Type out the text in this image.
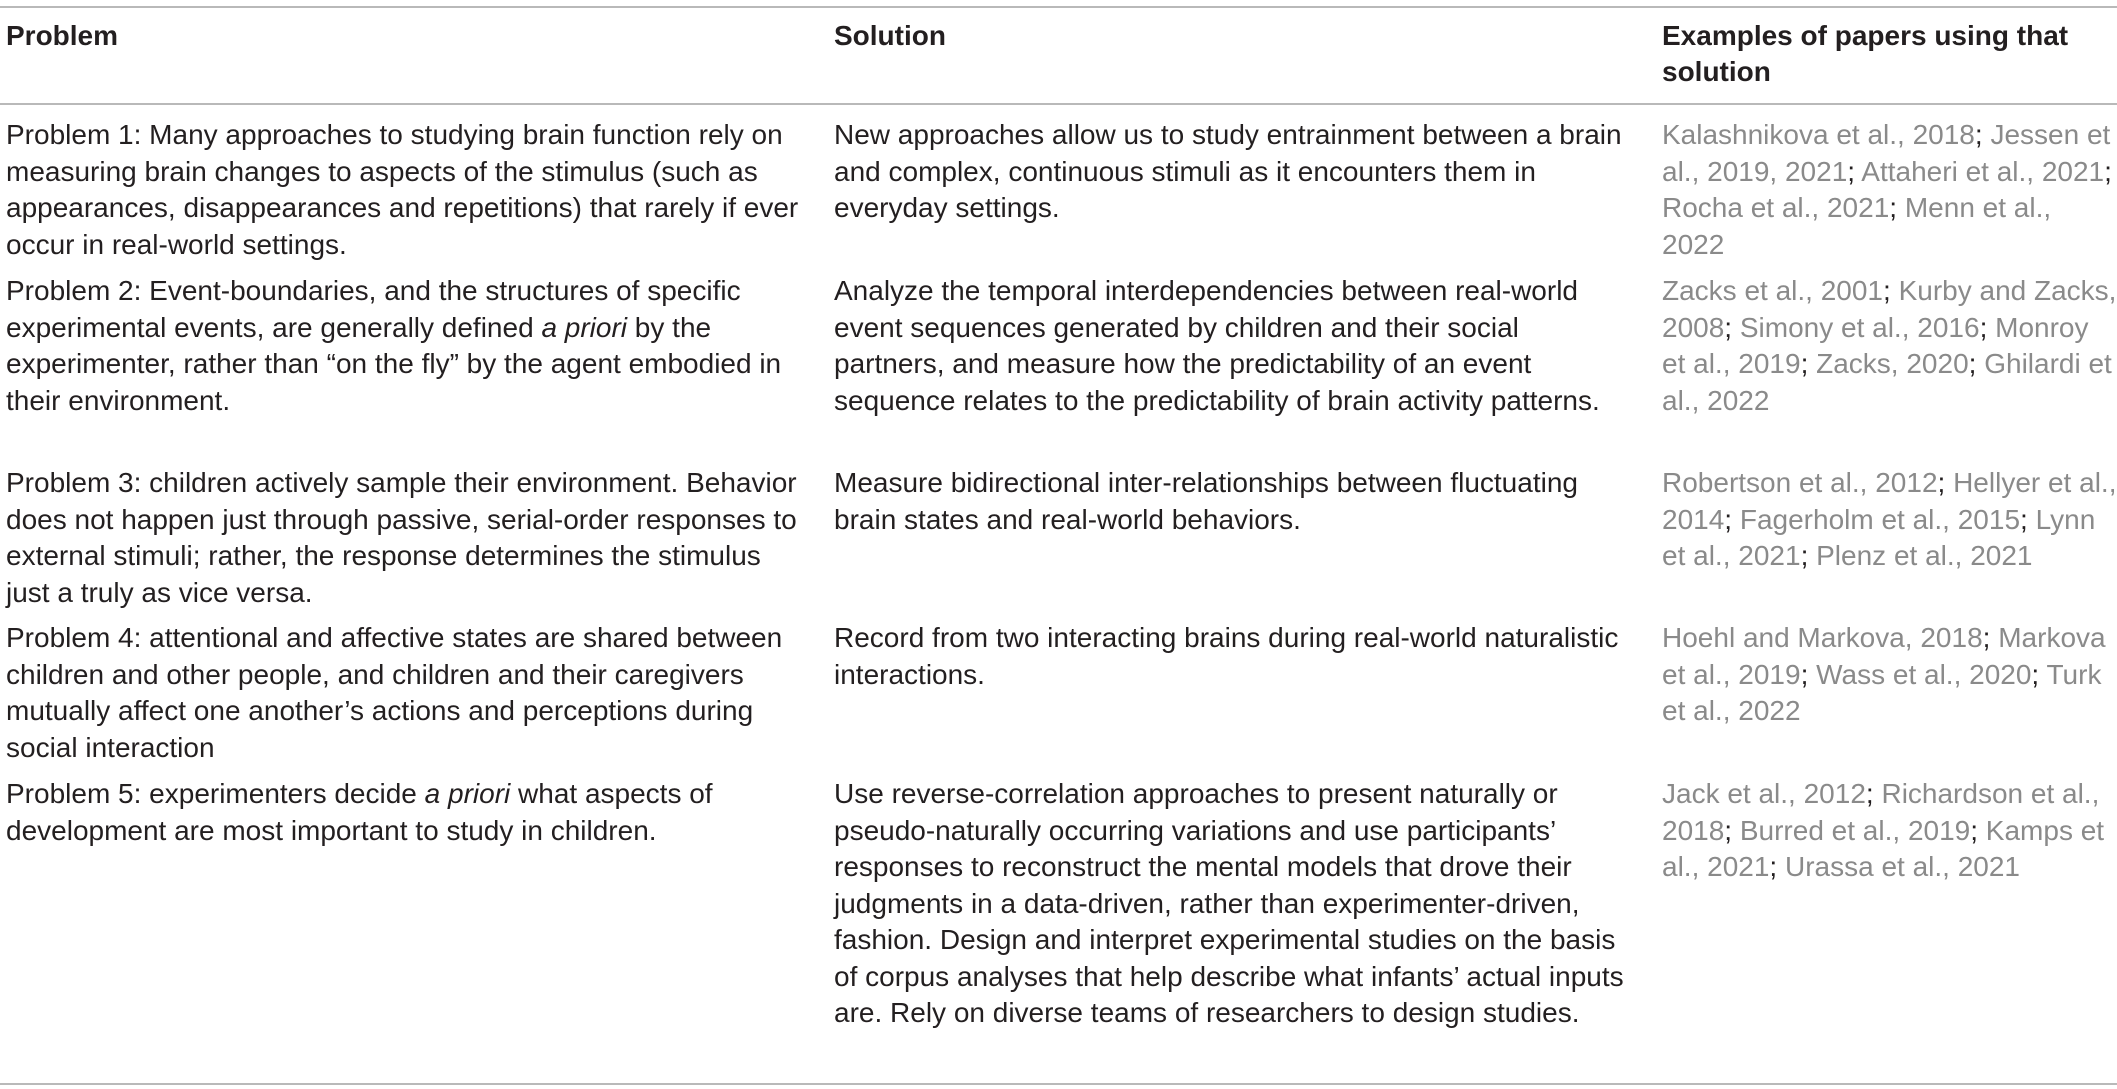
Problem	Solution	Examples of papers using that solution
Problem 1: Many approaches to studying brain function rely on measuring brain changes to aspects of the stimulus (such as appearances, disappearances and repetitions) that rarely if ever occur in real-world settings.
New approaches allow us to study entrainment between a brain and complex, continuous stimuli as it encounters them in everyday settings.
Kalashnikova et al., 2018; Jessen et al., 2019, 2021; Attaheri et al., 2021; Rocha et al., 2021; Menn et al., 2022
Problem 2: Event-boundaries, and the structures of specific experimental events, are generally defined a priori by the experimenter, rather than “on the fly” by the agent embodied in their environment.
Analyze the temporal interdependencies between real-world event sequences generated by children and their social partners, and measure how the predictability of an event sequence relates to the predictability of brain activity patterns.
Zacks et al., 2001; Kurby and Zacks, 2008; Simony et al., 2016; Monroy et al., 2019; Zacks, 2020; Ghilardi et al., 2022
Problem 3: children actively sample their environment. Behavior does not happen just through passive, serial-order responses to external stimuli; rather, the response determines the stimulus just a truly as vice versa.
Measure bidirectional inter-relationships between fluctuating brain states and real-world behaviors.
Robertson et al., 2012; Hellyer et al., 2014; Fagerholm et al., 2015; Lynn et al., 2021; Plenz et al., 2021
Problem 4: attentional and affective states are shared between children and other people, and children and their caregivers mutually affect one another’s actions and perceptions during social interaction
Record from two interacting brains during real-world naturalistic interactions.
Hoehl and Markova, 2018; Markova et al., 2019; Wass et al., 2020; Turk et al., 2022
Problem 5: experimenters decide a priori what aspects of development are most important to study in children.
Use reverse-correlation approaches to present naturally or pseudo-naturally occurring variations and use participants’ responses to reconstruct the mental models that drove their judgments in a data-driven, rather than experimenter-driven, fashion. Design and interpret experimental studies on the basis of corpus analyses that help describe what infants’ actual inputs are. Rely on diverse teams of researchers to design studies.
Jack et al., 2012; Richardson et al., 2018; Burred et al., 2019; Kamps et al., 2021; Urassa et al., 2021
